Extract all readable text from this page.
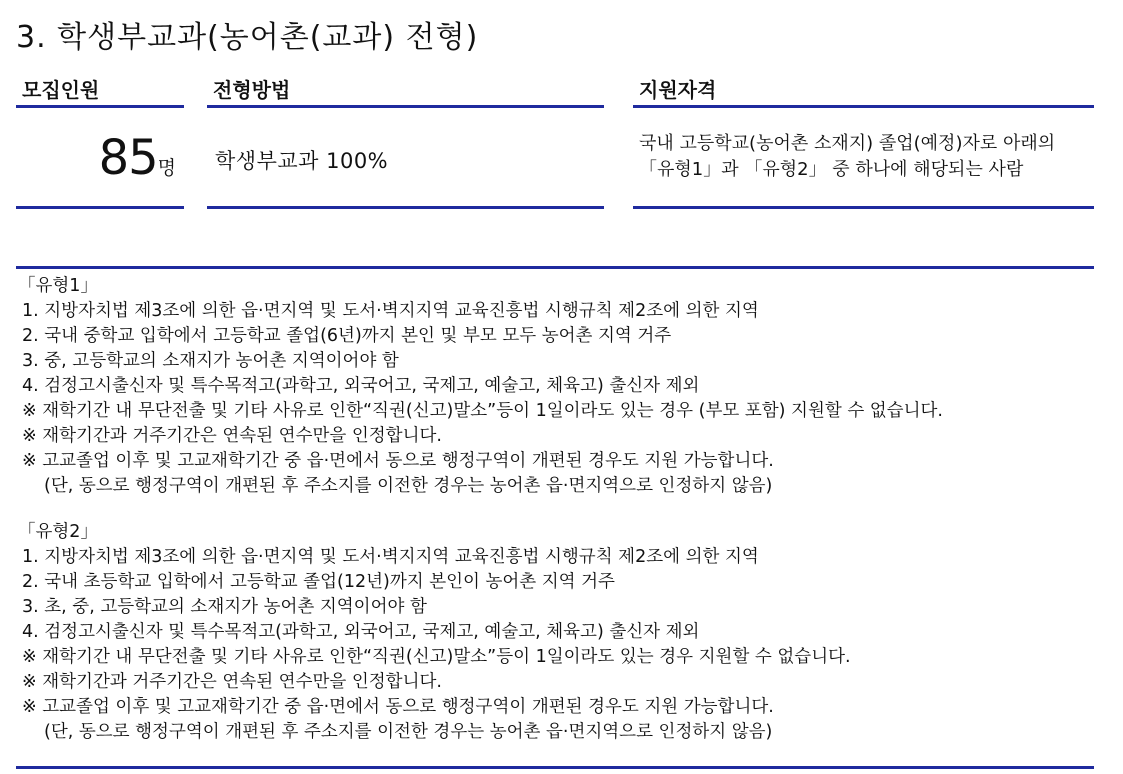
3. 학생부교과(농어촌(교과) 전형)
모집인원
85명
전형방법
학생부교과 100%
지원자격
국내 고등학교(농어촌 소재지) 졸업(예정)자로 아래의 「유형1」과 「유형2」 중 하나에 해당되는 사람
「유형1」
1. 지방자치법 제3조에 의한 읍·면지역 및 도서·벽지지역 교육진흥법 시행규칙 제2조에 의한 지역
2. 국내 중학교 입학에서 고등학교 졸업(6년)까지 본인 및 부모 모두 농어촌 지역 거주
3. 중, 고등학교의 소재지가 농어촌 지역이어야 함
4. 검정고시출신자 및 특수목적고(과학고, 외국어고, 국제고, 예술고, 체육고) 출신자 제외
※ 재학기간 내 무단전출 및 기타 사유로 인한“직권(신고)말소”등이 1일이라도 있는 경우 (부모 포함) 지원할 수 없습니다.
※ 재학기간과 거주기간은 연속된 연수만을 인정합니다.
※ 고교졸업 이후 및 고교재학기간 중 읍·면에서 동으로 행정구역이 개편된 경우도 지원 가능합니다.
(단, 동으로 행정구역이 개편된 후 주소지를 이전한 경우는 농어촌 읍·면지역으로 인정하지 않음)
「유형2」
1. 지방자치법 제3조에 의한 읍·면지역 및 도서·벽지지역 교육진흥법 시행규칙 제2조에 의한 지역
2. 국내 초등학교 입학에서 고등학교 졸업(12년)까지 본인이 농어촌 지역 거주
3. 초, 중, 고등학교의 소재지가 농어촌 지역이어야 함
4. 검정고시출신자 및 특수목적고(과학고, 외국어고, 국제고, 예술고, 체육고) 출신자 제외
※ 재학기간 내 무단전출 및 기타 사유로 인한“직권(신고)말소”등이 1일이라도 있는 경우 지원할 수 없습니다.
※ 재학기간과 거주기간은 연속된 연수만을 인정합니다.
※ 고교졸업 이후 및 고교재학기간 중 읍·면에서 동으로 행정구역이 개편된 경우도 지원 가능합니다.
(단, 동으로 행정구역이 개편된 후 주소지를 이전한 경우는 농어촌 읍·면지역으로 인정하지 않음)
